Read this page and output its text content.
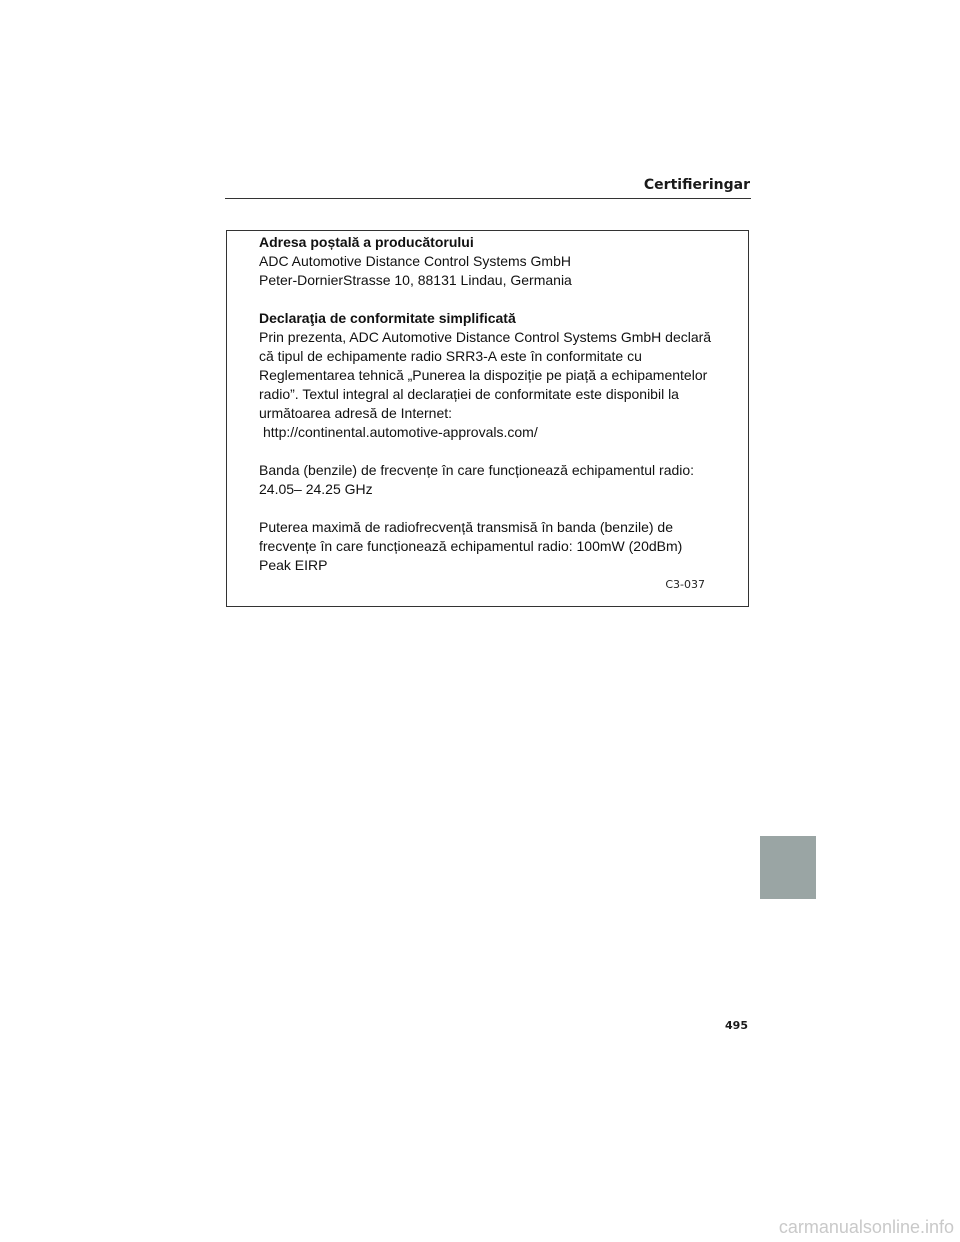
Certifieringar
Adresa poștală a producătorului
ADC Automotive Distance Control Systems GmbH
Peter-DornierStrasse 10, 88131 Lindau, Germania
Declaraţia de conformitate simplificată
Prin prezenta, ADC Automotive Distance Control Systems GmbH declară
că tipul de echipamente radio SRR3-A este în conformitate cu
Reglementarea tehnică „Punerea la dispoziție pe piață a echipamentelor
radio”. Textul integral al declarației de conformitate este disponibil la
următoarea adresă de Internet:
http://continental.automotive-approvals.com/
Banda (benzile) de frecvențe în care funcționează echipamentul radio:
24.05– 24.25 GHz
Puterea maximă de radiofrecvență transmisă în banda (benzile) de
frecvențe în care funcționează echipamentul radio: 100mW (20dBm)
Peak EIRP
C3-037
495
carmanualsonline.info
